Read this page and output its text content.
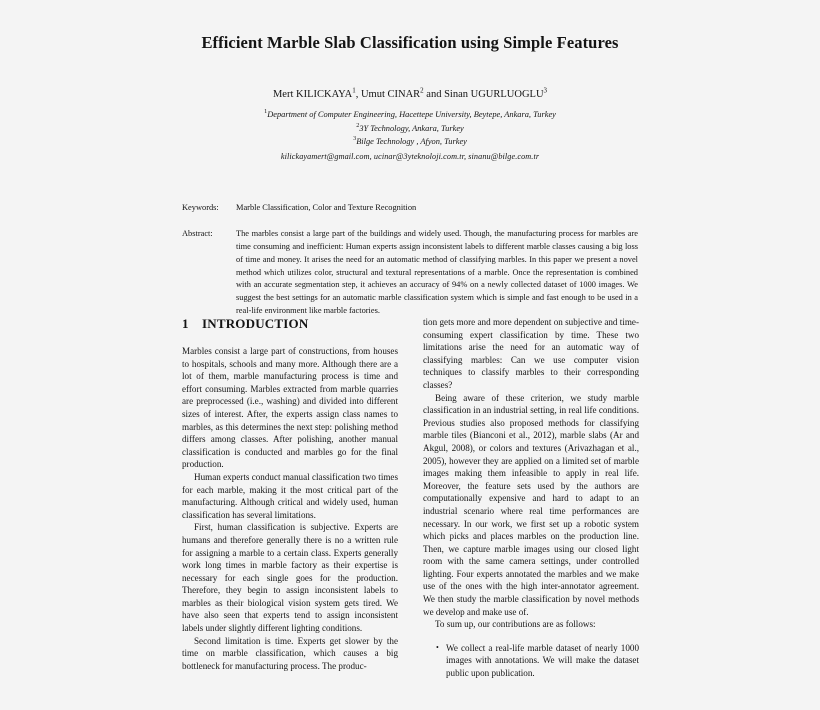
Efficient Marble Slab Classification using Simple Features
Mert KILICKAYA$^1$, Umut CINAR$^2$ and Sinan UGURLUOGLU$^3$
$^1$Department of Computer Engineering, Hacettepe University, Beytepe, Ankara, Turkey
$^2$3Y Technology, Ankara, Turkey
$^3$Bilge Technology , Afyon, Turkey
kilickayamert@gmail.com, ucinar@3yteknoloji.com.tr, sinanu@bilge.com.tr
Keywords:	Marble Classification, Color and Texture Recognition
Abstract:	The marbles consist a large part of the buildings and widely used. Though, the manufacturing process for marbles are time consuming and inefficient: Human experts assign inconsistent labels to different marble classes causing a big loss of time and money. It arises the need for an automatic method of classifying marbles. In this paper we present a novel method which utilizes color, structural and textural representations of a marble. Once the representation is combined with an accurate segmentation step, it achieves an accuracy of 94% on a newly collected dataset of 1000 images. We suggest the best settings for an automatic marble classification system which is simple and fast enough to be used in a real-life environment like marble factories.
1 INTRODUCTION

Marbles consist a large part of constructions, from houses to hospitals, schools and many more. Although there are a lot of them, marble manufacturing process is time and effort consuming. Marbles extracted from marble quarries are preprocessed (i.e., washing) and divided into different sizes of interest. After, the experts assign class names to marbles, as this determines the next step: polishing method differs among classes. After polishing, another manual classification is conducted and marbles go for the final production.

Human experts conduct manual classification two times for each marble, making it the most critical part of the manufacturing. Although critical and widely used, human classification has several limitations.

First, human classification is subjective. Experts are humans and therefore generally there is no a written rule for assigning a marble to a certain class. Experts generally work long times in marble factory as their expertise is necessary for each single goes for the production. Therefore, they begin to assign inconsistent labels to marbles as their biological vision system gets tired. We have also seen that experts tend to assign inconsistent labels under slightly different lighting conditions.

Second limitation is time. Experts get slower by the time on marble classification, which causes a big bottleneck for manufacturing process. The produc-

tion gets more and more dependent on subjective and time-consuming expert classification by time. These two limitations arise the need for an automatic way of classifying marbles: Can we use computer vision techniques to classify marbles to their corresponding classes?

Being aware of these criterion, we study marble classification in an industrial setting, in real life conditions. Previous studies also proposed methods for classifying marble tiles (Bianconi et al., 2012), marble slabs (Ar and Akgul, 2008), or colors and textures (Arivazhagan et al., 2005), however they are applied on a limited set of marble images making them infeasible to apply in real life. Moreover, the feature sets used by the authors are computationally expensive and hard to adapt to an industrial scenario where real time performances are necessary. In our work, we first set up a robotic system which picks and places marbles on the production line. Then, we capture marble images using our closed light room with the same camera settings, under controlled lighting. Four experts annotated the marbles and we make use of the ones with the high inter-annotator agreement. We then study the marble classification by novel methods we develop and make use of.

To sum up, our contributions are as follows:

• We collect a real-life marble dataset of nearly 1000 images with annotations. We will make the dataset public upon publication.
